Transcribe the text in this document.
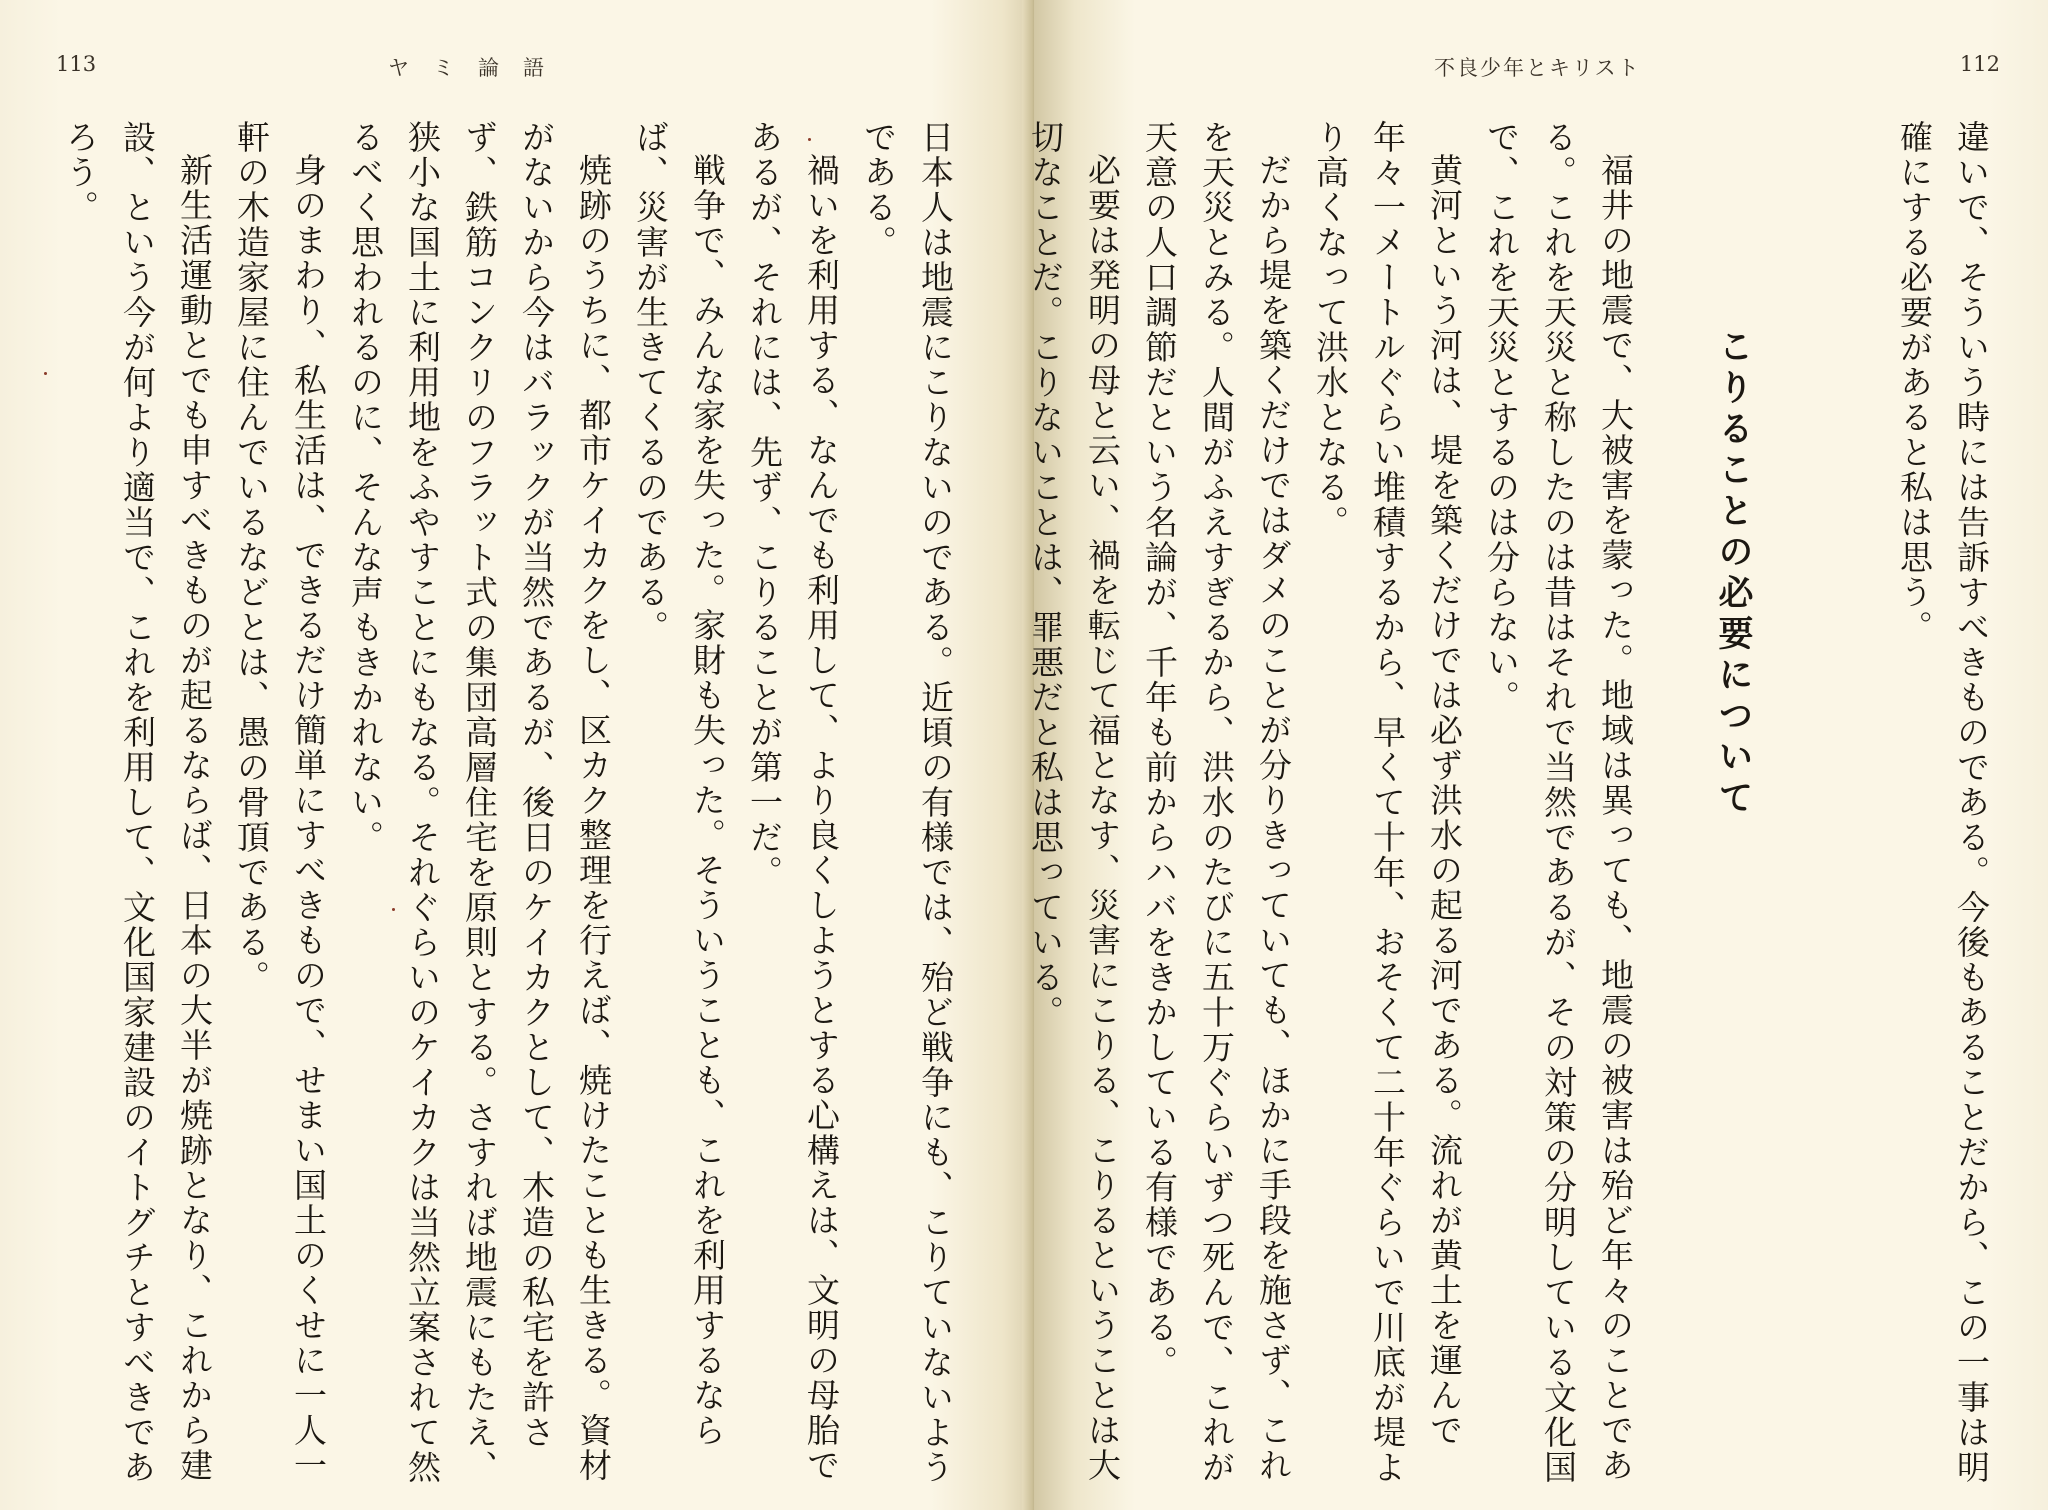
113	ヤミ論語

日本人は地震にこりないのである。近頃の有様では、殆ど戦争にも、こりていないようである。

禍いを利用する、なんでも利用して、より良くしようとする心構えは、文明の母胎であるが、それには、先ず、こりることが第一だ。

戦争で、みんな家を失った。家財も失った。そういうことも、これを利用するならば、災害が生きてくるのである。

焼跡のうちに、都市ケイカクをし、区カク整理を行えば、焼けたことも生きる。資材がないから今はバラックが当然であるが、後日のケイカクとして、木造の私宅を許さず、鉄筋コンクリのフラット式の集団高層住宅を原則とする。さすれば地震にもたえ、狭小な国土に利用地をふやすことにもなる。それぐらいのケイカクは当然立案されて然るべく思われるのに、そんな声もきかれない。

身のまわり、私生活は、できるだけ簡単にすべきもので、せまい国土のくせに一人一軒の木造家屋に住んでいるなどとは、愚の骨頂である。

新生活運動とでも申すべきものが起るならば、日本の大半が焼跡となり、これから建設、という今が何より適当で、これを利用して、文化国家建設のイトグチとすべきであろう。

不良少年とキリスト	112

違いで、そういう時には告訴すべきものである。今後もあることだから、この一事は明確にする必要があると私は思う。

こりることの必要について

福井の地震で、大被害を蒙った。地域は異っても、地震の被害は殆ど年々のことである。これを天災と称したのは昔はそれで当然であるが、その対策の分明している文化国で、これを天災とするのは分らない。

黄河という河は、堤を築くだけでは必ず洪水の起る河である。流れが黄土を運んで年々一メートルぐらい堆積するから、早くて十年、おそくて二十年ぐらいで川底が堤より高くなって洪水となる。

だから堤を築くだけではダメのことが分りきっていても、ほかに手段を施さず、これを天災とみる。人間がふえすぎるから、洪水のたびに五十万ぐらいずつ死んで、これが天意の人口調節だという名論が、千年も前からハバをきかしている有様である。

必要は発明の母と云い、禍を転じて福となす、災害にこりる、こりるということは大切なことだ。こりないことは、罪悪だと私は思っている。
